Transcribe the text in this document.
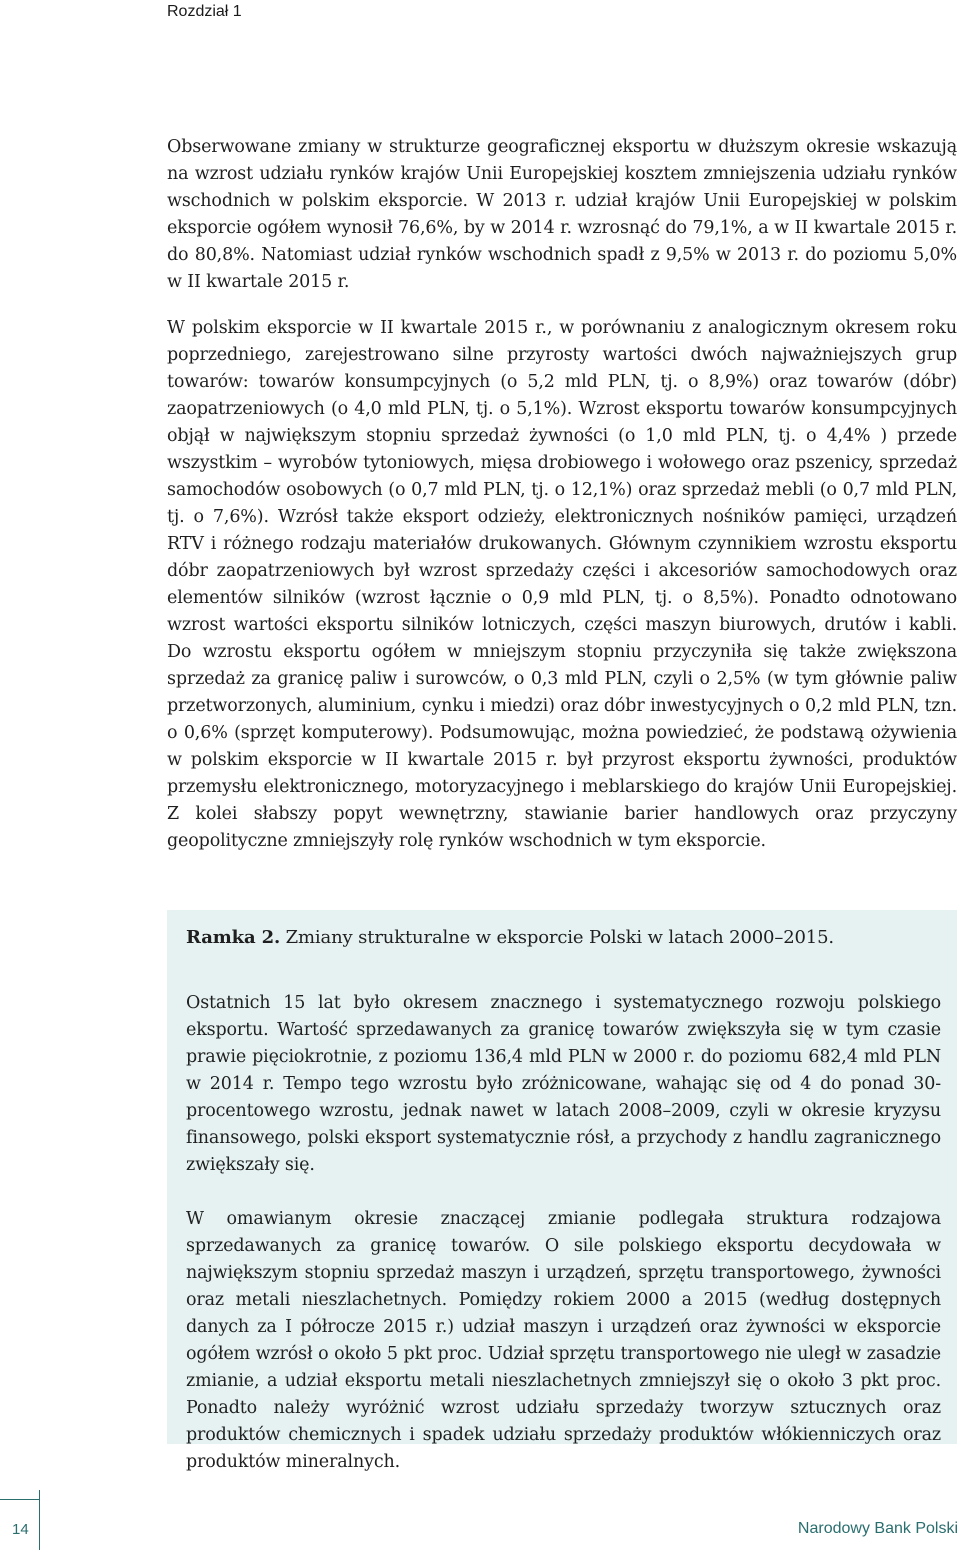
Rozdział 1

Obserwowane zmiany w strukturze geograficznej eksportu w dłuższym okresie wskazują na wzrost udziału rynków krajów Unii Europejskiej kosztem zmniejszenia udziału rynków wschodnich w polskim eksporcie. W 2013 r. udział krajów Unii Europejskiej w polskim eksporcie ogółem wynosił 76,6%, by w 2014 r. wzrosnąć do 79,1%, a w II kwartale 2015 r. do 80,8%. Natomiast udział rynków wschodnich spadł z 9,5% w 2013 r. do poziomu 5,0% w II kwartale 2015 r.

W polskim eksporcie w II kwartale 2015 r., w porównaniu z analogicznym okresem roku poprzedniego, zarejestrowano silne przyrosty wartości dwóch najważniejszych grup towarów: towarów konsumpcyjnych (o 5,2 mld PLN, tj. o 8,9%) oraz towarów (dóbr) zaopatrzeniowych (o 4,0 mld PLN, tj. o 5,1%). Wzrost eksportu towarów konsumpcyjnych objął w największym stopniu sprzedaż żywności (o 1,0 mld PLN, tj. o 4,4% ) przede wszystkim – wyrobów tytoniowych, mięsa drobiowego i wołowego oraz pszenicy, sprzedaż samochodów osobowych (o 0,7 mld PLN, tj. o 12,1%) oraz sprzedaż mebli (o 0,7 mld PLN, tj. o 7,6%). Wzrósł także eksport odzieży, elektronicznych nośników pamięci, urządzeń RTV i różnego rodzaju materiałów drukowanych. Głównym czynnikiem wzrostu eksportu dóbr zaopatrzeniowych był wzrost sprzedaży części i akcesoriów samochodowych oraz elementów silników (wzrost łącznie o 0,9 mld PLN, tj. o 8,5%). Ponadto odnotowano wzrost wartości eksportu silników lotniczych, części maszyn biurowych, drutów i kabli. Do wzrostu eksportu ogółem w mniejszym stopniu przyczyniła się także zwiększona sprzedaż za granicę paliw i surowców, o 0,3 mld PLN, czyli o 2,5% (w tym głównie paliw przetworzonych, aluminium, cynku i miedzi) oraz dóbr inwestycyjnych o 0,2 mld PLN, tzn. o 0,6% (sprzęt komputerowy). Podsumowując, można powiedzieć, że podstawą ożywienia w polskim eksporcie w II kwartale 2015 r. był przyrost eksportu żywności, produktów przemysłu elektronicznego, motoryzacyjnego i meblarskiego do krajów Unii Europejskiej. Z kolei słabszy popyt wewnętrzny, stawianie barier handlowych oraz przyczyny geopolityczne zmniejszyły rolę rynków wschodnich w tym eksporcie.

Ramka 2. Zmiany strukturalne w eksporcie Polski w latach 2000–2015.

Ostatnich 15 lat było okresem znacznego i systematycznego rozwoju polskiego eksportu. Wartość sprzedawanych za granicę towarów zwiększyła się w tym czasie prawie pięciokrotnie, z poziomu 136,4 mld PLN w 2000 r. do poziomu 682,4 mld PLN w 2014 r. Tempo tego wzrostu było zróżnicowane, wahając się od 4 do ponad 30-procentowego wzrostu, jednak nawet w latach 2008–2009, czyli w okresie kryzysu finansowego, polski eksport systematycznie rósł, a przychody z handlu zagranicznego zwiększały się.

W omawianym okresie znaczącej zmianie podlegała struktura rodzajowa sprzedawanych za granicę towarów. O sile polskiego eksportu decydowała w największym stopniu sprzedaż maszyn i urządzeń, sprzętu transportowego, żywności oraz metali nieszlachetnych. Pomiędzy rokiem 2000 a 2015 (według dostępnych danych za I półrocze 2015 r.) udział maszyn i urządzeń oraz żywności w eksporcie ogółem wzrósł o około 5 pkt proc. Udział sprzętu transportowego nie uległ w zasadzie zmianie, a udział eksportu metali nieszlachetnych zmniejszył się o około 3 pkt proc. Ponadto należy wyróżnić wzrost udziału sprzedaży tworzyw sztucznych oraz produktów chemicznych i spadek udziału sprzedaży produktów włókienniczych oraz produktów mineralnych.

14	Narodowy Bank Polski
